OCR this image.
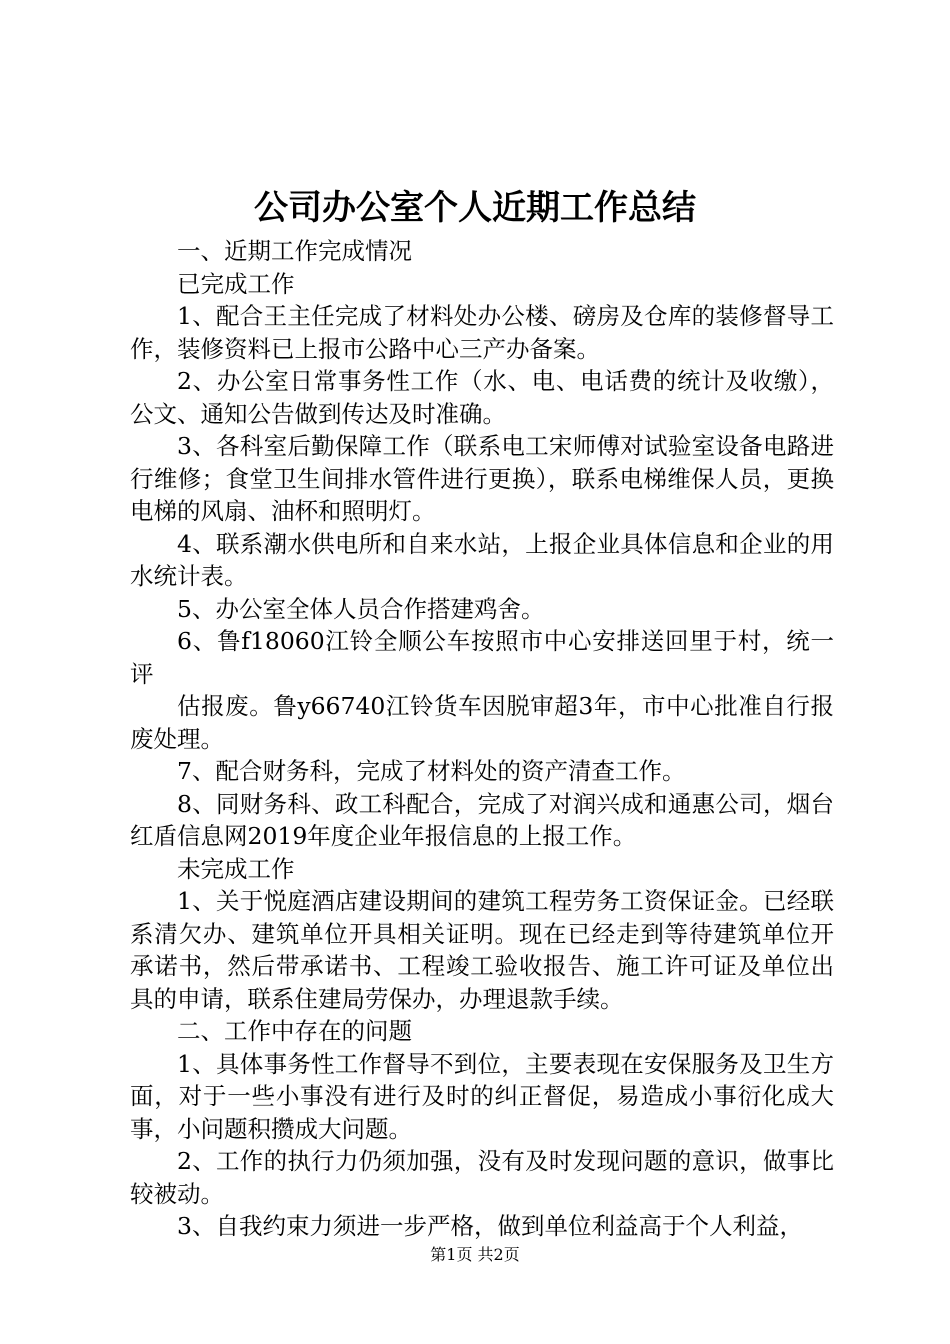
公司办公室个人近期工作总结

一、近期工作完成情况

已完成工作

1、配合王主任完成了材料处办公楼、磅房及仓库的装修督导工作，装修资料已上报市公路中心三产办备案。

2、办公室日常事务性工作（水、电、电话费的统计及收缴），公文、通知公告做到传达及时准确。

3、各科室后勤保障工作（联系电工宋师傅对试验室设备电路进行维修；食堂卫生间排水管件进行更换），联系电梯维保人员，更换电梯的风扇、油杯和照明灯。

4、联系潮水供电所和自来水站，上报企业具体信息和企业的用水统计表。

5、办公室全体人员合作搭建鸡舍。

6、鲁f18060江铃全顺公车按照市中心安排送回里于村，统一评

估报废。鲁y66740江铃货车因脱审超3年，市中心批准自行报废处理。

7、配合财务科，完成了材料处的资产清查工作。

8、同财务科、政工科配合，完成了对润兴成和通惠公司，烟台红盾信息网2019年度企业年报信息的上报工作。

未完成工作

1、关于悦庭酒店建设期间的建筑工程劳务工资保证金。已经联系清欠办、建筑单位开具相关证明。现在已经走到等待建筑单位开承诺书，然后带承诺书、工程竣工验收报告、施工许可证及单位出具的申请，联系住建局劳保办，办理退款手续。

二、工作中存在的问题

1、具体事务性工作督导不到位，主要表现在安保服务及卫生方面，对于一些小事没有进行及时的纠正督促，易造成小事衍化成大事，小问题积攒成大问题。

2、工作的执行力仍须加强，没有及时发现问题的意识，做事比较被动。

3、自我约束力须进一步严格，做到单位利益高于个人利益，

第1页 共2页
